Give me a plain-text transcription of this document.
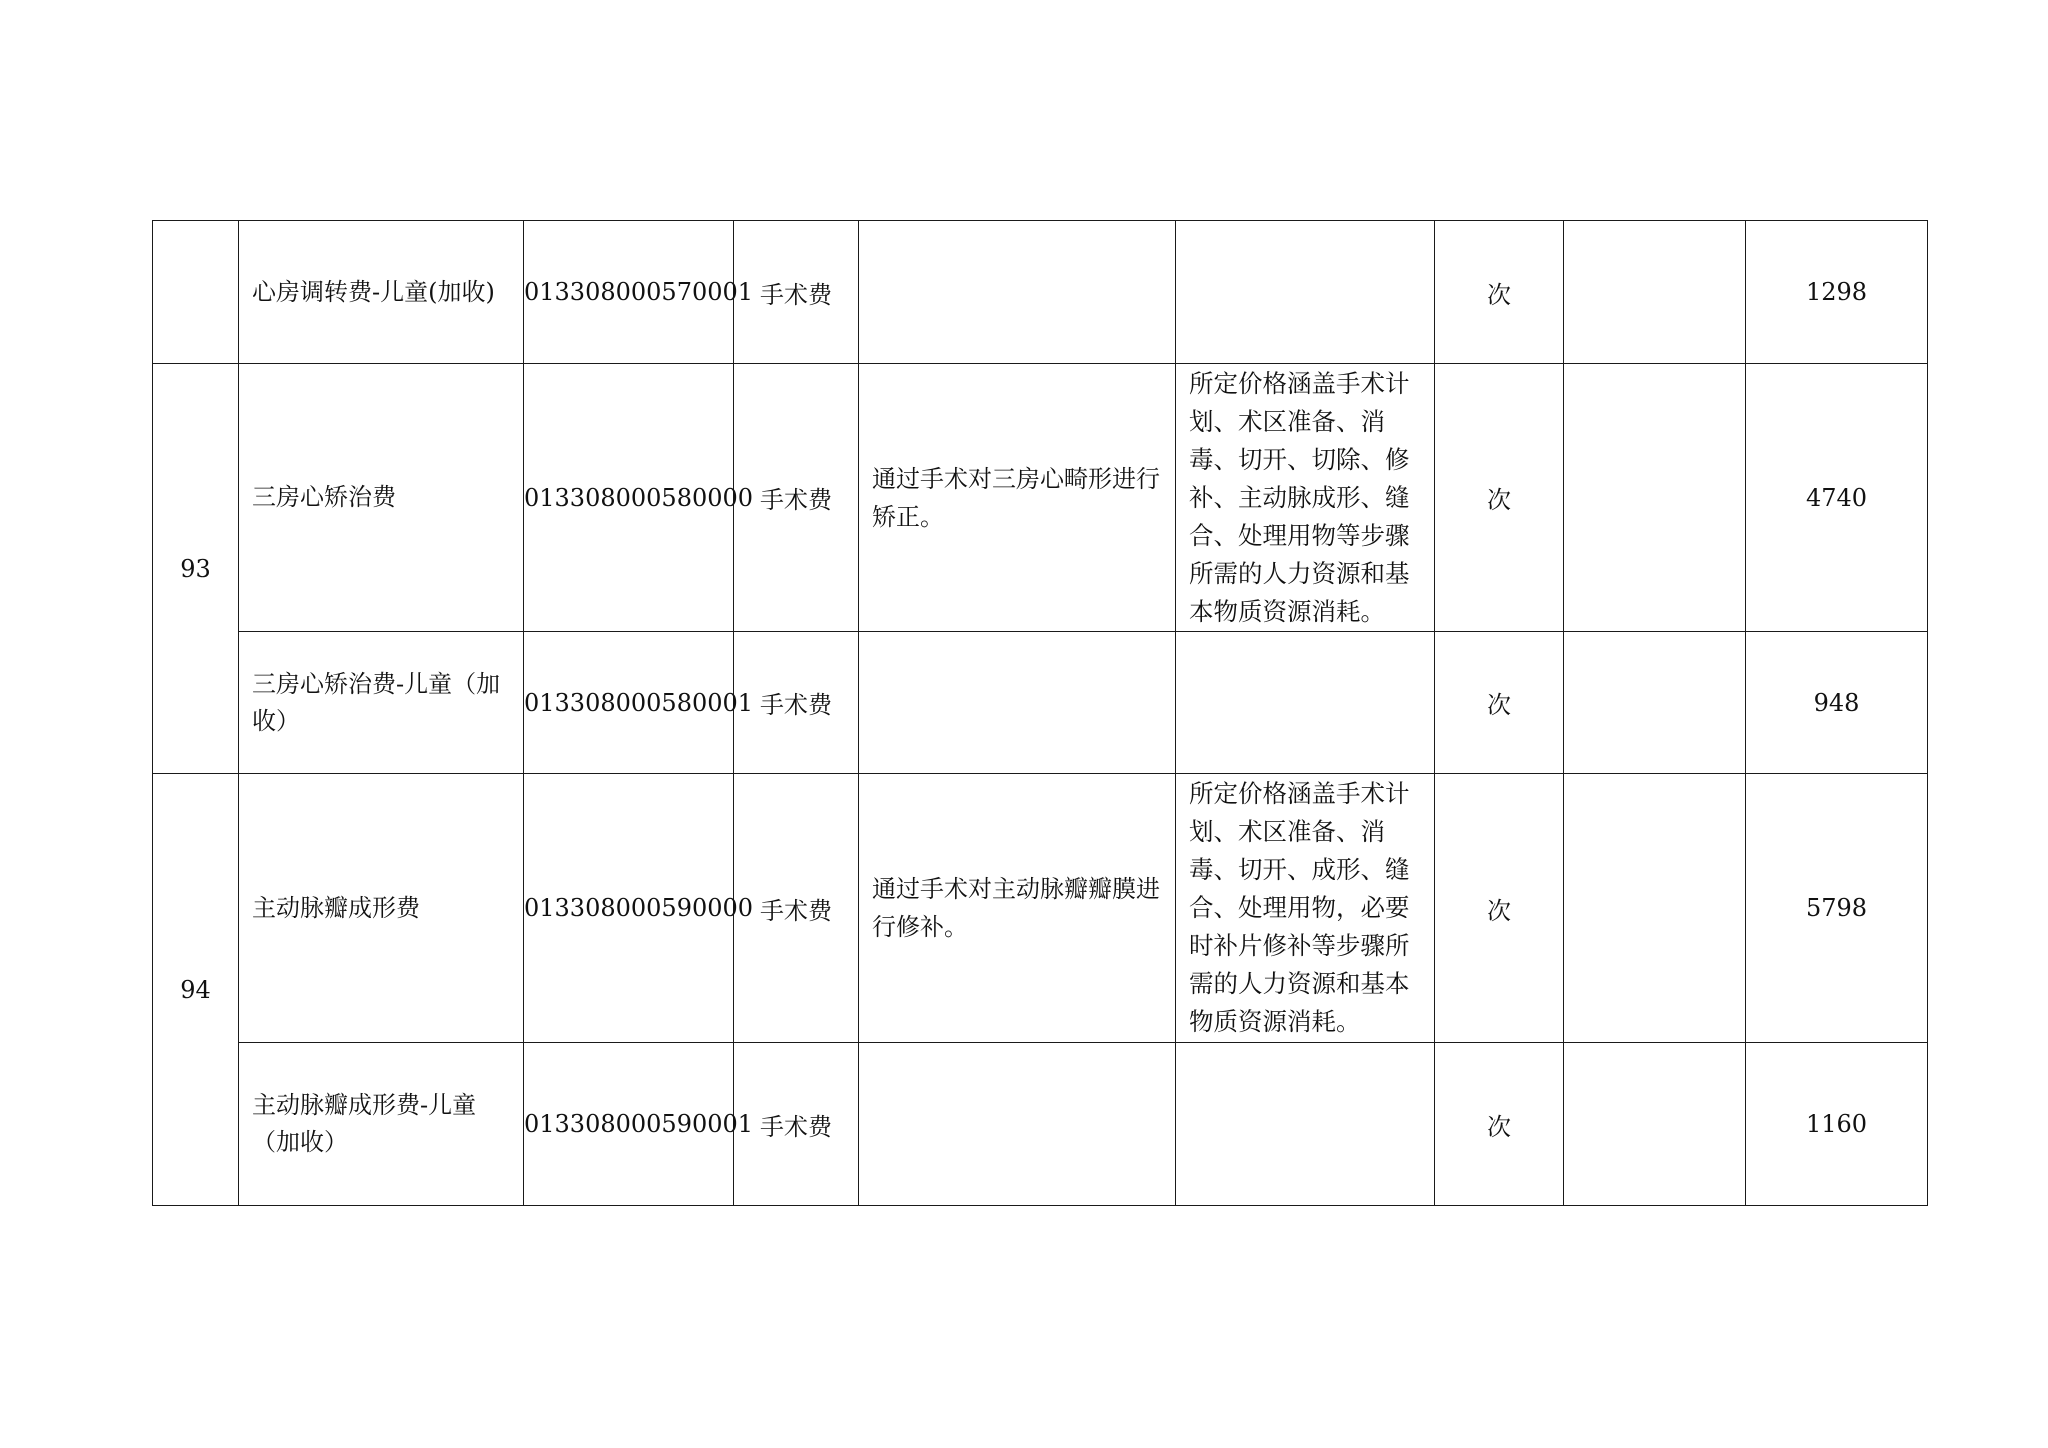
	心房调转费-儿童(加收)	013308000570001	手术费			次		1298
93	三房心矫治费	013308000580000	手术费	通过手术对三房心畸形进行矫正。	所定价格涵盖手术计划、术区准备、消毒、切开、切除、修补、主动脉成形、缝合、处理用物等步骤所需的人力资源和基本物质资源消耗。	次		4740
	三房心矫治费-儿童（加收）	013308000580001	手术费			次		948
94	主动脉瓣成形费	013308000590000	手术费	通过手术对主动脉瓣瓣膜进行修补。	所定价格涵盖手术计划、术区准备、消毒、切开、成形、缝合、处理用物，必要时补片修补等步骤所需的人力资源和基本物质资源消耗。	次		5798
	主动脉瓣成形费-儿童（加收）	013308000590001	手术费			次		1160
